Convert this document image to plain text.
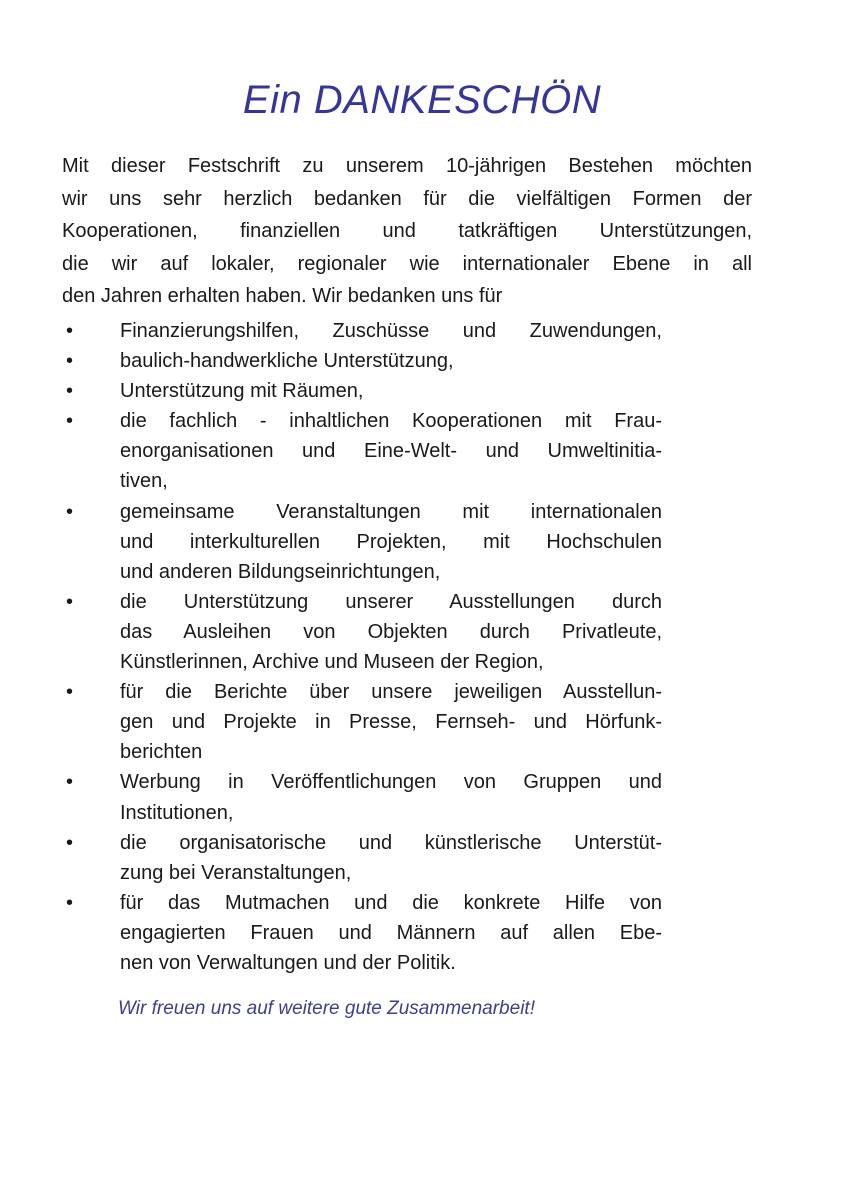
Ein DANKESCHÖN
Mit dieser Festschrift zu unserem 10-jährigen Bestehen möchten
wir uns sehr herzlich bedanken für die vielfältigen Formen der
Kooperationen, finanziellen und tatkräftigen Unterstützungen,
die wir auf lokaler, regionaler wie internationaler Ebene in all
den Jahren erhalten haben. Wir bedanken uns für
• Finanzierungshilfen, Zuschüsse und Zuwendungen,
• baulich-handwerkliche Unterstützung,
• Unterstützung mit Räumen,
• die fachlich - inhaltlichen Kooperationen mit Frau-
enorganisationen und Eine-Welt- und Umweltinitia-
tiven,
• gemeinsame Veranstaltungen mit internationalen
und interkulturellen Projekten, mit Hochschulen
und anderen Bildungseinrichtungen,
• die Unterstützung unserer Ausstellungen durch
das Ausleihen von Objekten durch Privatleute,
Künstlerinnen, Archive und Museen der Region,
• für die Berichte über unsere jeweiligen Ausstellun-
gen und Projekte in Presse, Fernseh- und Hörfunk-
berichten
• Werbung in Veröffentlichungen von Gruppen und
Institutionen,
• die organisatorische und künstlerische Unterstüt-
zung bei Veranstaltungen,
• für das Mutmachen und die konkrete Hilfe von
engagierten Frauen und Männern auf allen Ebe-
nen von Verwaltungen und der Politik.
Wir freuen uns auf weitere gute Zusammenarbeit!
